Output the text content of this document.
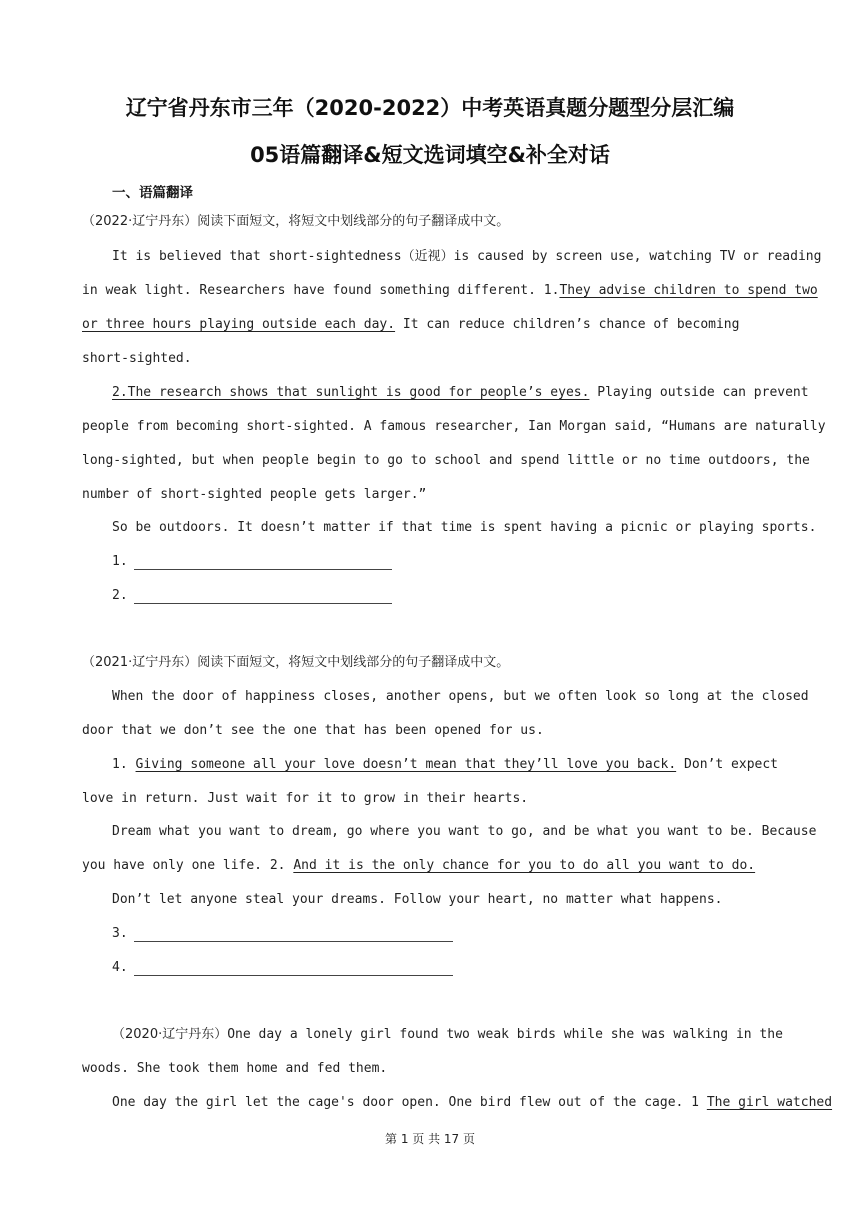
辽宁省丹东市三年（2020-2022）中考英语真题分题型分层汇编
05语篇翻译&短文选词填空&补全对话
一、语篇翻译
（2022·辽宁丹东）阅读下面短文，将短文中划线部分的句子翻译成中文。
It is believed that short-sightedness（近视）is caused by screen use, watching TV or reading
in weak light. Researchers have found something different. 1.They advise children to spend two
or three hours playing outside each day. It can reduce children’s chance of becoming
short-sighted.
2.The research shows that sunlight is good for people’s eyes. Playing outside can prevent
people from becoming short-sighted. A famous researcher, Ian Morgan said, “Humans are naturally
long-sighted, but when people begin to go to school and spend little or no time outdoors, the
number of short-sighted people gets larger.”
So be outdoors. It doesn’t matter if that time is spent having a picnic or playing sports.
1.
2.
（2021·辽宁丹东）阅读下面短文，将短文中划线部分的句子翻译成中文。
When the door of happiness closes, another opens, but we often look so long at the closed
door that we don’t see the one that has been opened for us.
1. Giving someone all your love doesn’t mean that they’ll love you back. Don’t expect
love in return. Just wait for it to grow in their hearts.
Dream what you want to dream, go where you want to go, and be what you want to be. Because
you have only one life. 2. And it is the only chance for you to do all you want to do.
Don’t let anyone steal your dreams. Follow your heart, no matter what happens.
3.
4.
（2020·辽宁丹东）One day a lonely girl found two weak birds while she was walking in the
woods. She took them home and fed them.
One day the girl let the cage's door open. One bird flew out of the cage. 1 The girl watched
第 1 页 共 17 页
